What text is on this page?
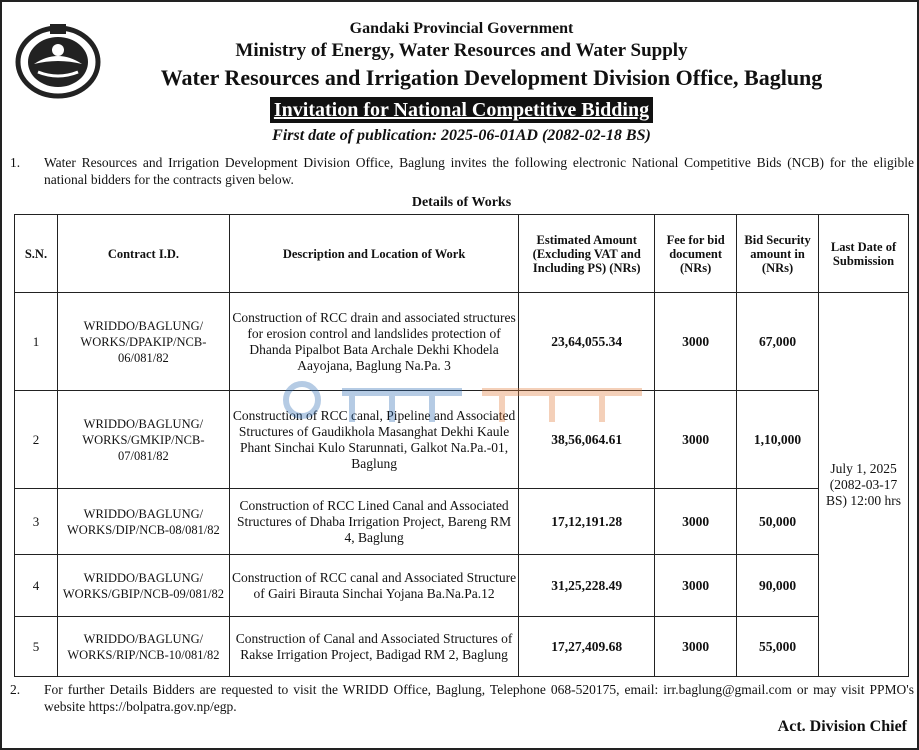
Gandaki Provincial Government
Ministry of Energy, Water Resources and Water Supply
Water Resources and Irrigation Development Division Office, Baglung
Invitation for National Competitive Bidding
First date of publication: 2025-06-01AD (2082-02-18 BS)
1. Water Resources and Irrigation Development Division Office, Baglung invites the following electronic National Competitive Bids (NCB) for the eligible national bidders for the contracts given below.
Details of Works
S.N.	Contract I.D.	Description and Location of Work	Estimated Amount (Excluding VAT and Including PS) (NRs)	Fee for bid document (NRs)	Bid Security amount in (NRs)	Last Date of Submission
1	WRIDDO/BAGLUNG/ WORKS/DPAKIP/NCB-06/081/82	Construction of RCC drain and associated structures for erosion control and landslides protection of Dhanda Pipalbot Bata Archale Dekhi Khodela Aayojana, Baglung Na.Pa. 3	23,64,055.34	3000	67,000	July 1, 2025 (2082-03-17 BS) 12:00 hrs
2	WRIDDO/BAGLUNG/ WORKS/GMKIP/NCB-07/081/82	Construction of RCC canal, Pipeline and Associated Structures of Gaudikhola Masanghat Dekhi Kaule Phant Sinchai Kulo Starunnati, Galkot Na.Pa.-01, Baglung	38,56,064.61	3000	1,10,000	
3	WRIDDO/BAGLUNG/ WORKS/DIP/NCB-08/081/82	Construction of RCC Lined Canal and Associated Structures of Dhaba Irrigation Project, Bareng RM 4, Baglung	17,12,191.28	3000	50,000	
4	WRIDDO/BAGLUNG/ WORKS/GBIP/NCB-09/081/82	Construction of RCC canal and Associated Structure of Gairi Birauta Sinchai Yojana Ba.Na.Pa.12	31,25,228.49	3000	90,000	
5	WRIDDO/BAGLUNG/ WORKS/RIP/NCB-10/081/82	Construction of Canal and Associated Structures of Rakse Irrigation Project, Badigad RM 2, Baglung	17,27,409.68	3000	55,000	
2. For further Details Bidders are requested to visit the WRIDD Office, Baglung, Telephone 068-520175, email: irr.baglung@gmail.com or may visit PPMO's website https://bolpatra.gov.np/egp.
Act. Division Chief
